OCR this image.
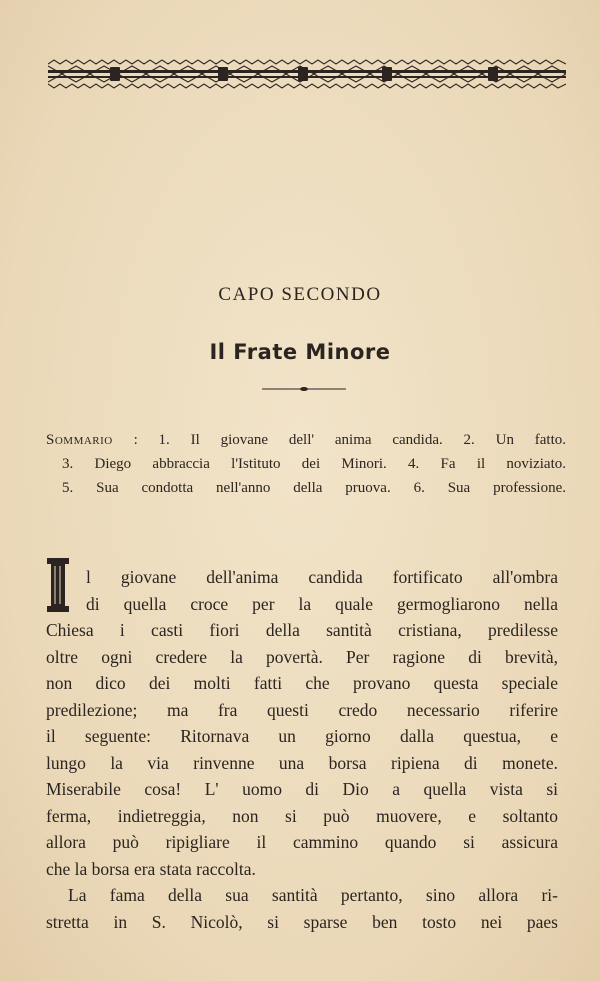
CAPO SECONDO
Il Frate Minore
Sommario : 1. Il giovane dell' anima candida. 2. Un fatto.
3. Diego abbraccia l'Istituto dei Minori. 4. Fa il noviziato.
5. Sua condotta nell'anno della pruova. 6. Sua professione.
I	l giovane dell'anima candida fortificato all'ombra
di quella croce per la quale germogliarono nella
Chiesa i casti fiori della santità cristiana, predilesse
oltre ogni credere la povertà. Per ragione di brevità,
non dico dei molti fatti che provano questa speciale
predilezione; ma fra questi credo necessario riferire
il seguente: Ritornava un giorno dalla questua, e
lungo la via rinvenne una borsa ripiena di monete.
Miserabile cosa! L' uomo di Dio a quella vista si
ferma, indietreggia, non si può muovere, e soltanto
allora può ripigliare il cammino quando si assicura
che la borsa era stata raccolta.
La fama della sua santità pertanto, sino allora ri-
stretta in S. Nicolò, si sparse ben tosto nei paes
